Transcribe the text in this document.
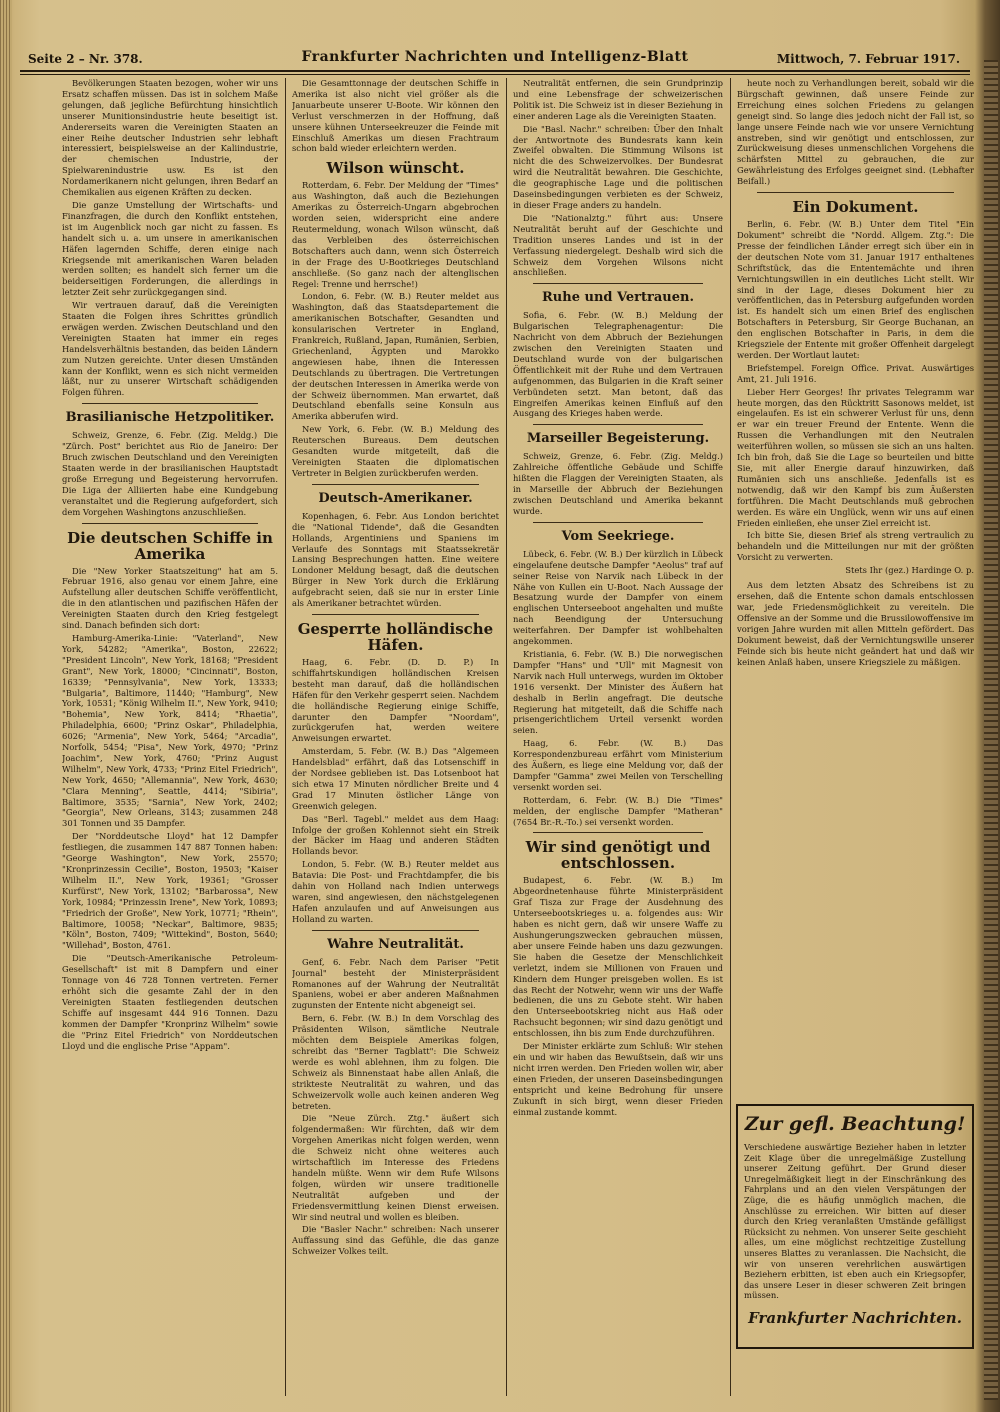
Seite 2 – Nr. 378.	Frankfurter Nachrichten und Intelligenz-Blatt	Mittwoch, 7. Februar 1917.

Bevölkerungen Staaten bezogen, woher wir uns Ersatz schaffen müssen. Das ist in solchem Maße gelungen, daß jegliche Befürchtung hinsichtlich unserer Munitionsindustrie heute beseitigt ist. Andererseits waren die Vereinigten Staaten an einer Reihe deutscher Industrien sehr lebhaft interessiert, beispielsweise an der Kaliindustrie, der chemischen Industrie, der Spielwarenindustrie usw. Es ist den Nordamerikanern nicht gelungen, ihren Bedarf an Chemikalien aus eigenen Kräften zu decken.

Die ganze Umstellung der Wirtschafts- und Finanzfragen, die durch den Konflikt entstehen, ist im Augenblick noch gar nicht zu fassen. Es handelt sich u. a. um unsere in amerikanischen Häfen lagernden Schiffe, deren einige nach Kriegsende mit amerikanischen Waren beladen werden sollten; es handelt sich ferner um die beiderseitigen Forderungen, die allerdings in letzter Zeit sehr zurückgegangen sind.

Wir vertrauen darauf, daß die Vereinigten Staaten die Folgen ihres Schrittes gründlich erwägen werden. Zwischen Deutschland und den Vereinigten Staaten hat immer ein reges Handelsverhältnis bestanden, das beiden Ländern zum Nutzen gereichte. Unter diesen Umständen kann der Konflikt, wenn es sich nicht vermeiden läßt, nur zu unserer Wirtschaft schädigenden Folgen führen.

Brasilianische Hetzpolitiker.

Schweiz, Grenze, 6. Febr. (Zig. Meldg.) Die "Zürch. Post" berichtet aus Rio de Janeiro: Der Bruch zwischen Deutschland und den Vereinigten Staaten werde in der brasilianischen Hauptstadt große Erregung und Begeisterung hervorrufen. Die Liga der Alliierten habe eine Kundgebung veranstaltet und die Regierung aufgefordert, sich dem Vorgehen Washingtons anzuschließen.

Die deutschen Schiffe in Amerika

Die "New Yorker Staatszeitung" hat am 5. Februar 1916, also genau vor einem Jahre, eine Aufstellung aller deutschen Schiffe veröffentlicht, die in den atlantischen und pazifischen Häfen der Vereinigten Staaten durch den Krieg festgelegt sind. Danach befinden sich dort:

Hamburg-Amerika-Linie: "Vaterland", New York, 54282; "Amerika", Boston, 22622; "President Lincoln", New York, 18168; "President Grant", New York, 18000; "Cincinnati", Boston, 16339; "Pennsylvania", New York, 13333; "Bulgaria", Baltimore, 11440; "Hamburg", New York, 10531; "König Wilhelm II.", New York, 9410; "Bohemia", New York, 8414; "Rhaetia", Philadelphia, 6600; "Prinz Oskar", Philadelphia, 6026; "Armenia", New York, 5464; "Arcadia", Norfolk, 5454; "Pisa", New York, 4970; "Prinz Joachim", New York, 4760; "Prinz August Wilhelm", New York, 4733; "Prinz Eitel Friedrich", New York, 4650; "Allemannia", New York, 4630; "Clara Menning", Seattle, 4414; "Sibiria", Baltimore, 3535; "Sarnia", New York, 2402; "Georgia", New Orleans, 3143; zusammen 248 301 Tonnen und 35 Dampfer.

Der "Norddeutsche Lloyd" hat 12 Dampfer festliegen, die zusammen 147 887 Tonnen haben: "George Washington", New York, 25570; "Kronprinzessin Cecilie", Boston, 19503; "Kaiser Wilhelm II.", New York, 19361; "Grosser Kurfürst", New York, 13102; "Barbarossa", New York, 10984; "Prinzessin Irene", New York, 10893; "Friedrich der Große", New York, 10771; "Rhein", Baltimore, 10058; "Neckar", Baltimore, 9835; "Köln", Boston, 7409; "Wittekind", Boston, 5640; "Willehad", Boston, 4761.

Die "Deutsch-Amerikanische Petroleum-Gesellschaft" ist mit 8 Dampfern und einer Tonnage von 46 728 Tonnen vertreten. Ferner erhöht sich die gesamte Zahl der in den Vereinigten Staaten festliegenden deutschen Schiffe auf insgesamt 444 916 Tonnen. Dazu kommen der Dampfer "Kronprinz Wilhelm" sowie die "Prinz Eitel Friedrich" von Norddeutschen Lloyd und die englische Prise "Appam".

Die Gesamttonnage der deutschen Schiffe in Amerika ist also nicht viel größer als die Januarbeute unserer U-Boote. Wir können den Verlust verschmerzen in der Hoffnung, daß unsere kühnen Unterseekreuzer die Feinde mit Einschluß Amerikas um diesen Frachtraum schon bald wieder erleichtern werden.

Wilson wünscht.

Rotterdam, 6. Febr. Der Meldung der "Times" aus Washington, daß auch die Beziehungen Amerikas zu Österreich-Ungarn abgebrochen worden seien, widerspricht eine andere Reutermeldung, wonach Wilson wünscht, daß das Verbleiben des österreichischen Botschafters auch dann, wenn sich Österreich in der Frage des U-Bootkrieges Deutschland anschließe. (So ganz nach der altenglischen Regel: Trenne und herrsche!)

London, 6. Febr. (W. B.) Reuter meldet aus Washington, daß das Staatsdepartement die amerikanischen Botschafter, Gesandten und konsularischen Vertreter in England, Frankreich, Rußland, Japan, Rumänien, Serbien, Griechenland, Ägypten und Marokko angewiesen habe, ihnen die Interessen Deutschlands zu übertragen. Die Vertretungen der deutschen Interessen in Amerika werde von der Schweiz übernommen. Man erwartet, daß Deutschland ebenfalls seine Konsuln aus Amerika abberufen wird.

New York, 6. Febr. (W. B.) Meldung des Reuterschen Bureaus. Dem deutschen Gesandten wurde mitgeteilt, daß die Vereinigten Staaten die diplomatischen Vertreter in Belgien zurückberufen werden.

Deutsch-Amerikaner.

Kopenhagen, 6. Febr. Aus London berichtet die "National Tidende", daß die Gesandten Hollands, Argentiniens und Spaniens im Verlaufe des Sonntags mit Staatssekretär Lansing Besprechungen hatten. Eine weitere Londoner Meldung besagt, daß die deutschen Bürger in New York durch die Erklärung aufgebracht seien, daß sie nur in erster Linie als Amerikaner betrachtet würden.

Gesperrte holländische Häfen.

Haag, 6. Febr. (D. D. P.) In schiffahrtskundigen holländischen Kreisen besteht man darauf, daß die holländischen Häfen für den Verkehr gesperrt seien. Nachdem die holländische Regierung einige Schiffe, darunter den Dampfer "Noordam", zurückgerufen hat, werden weitere Anweisungen erwartet.

Amsterdam, 5. Febr. (W. B.) Das "Algemeen Handelsblad" erfährt, daß das Lotsenschiff in der Nordsee geblieben ist. Das Lotsenboot hat sich etwa 17 Minuten nördlicher Breite und 4 Grad 17 Minuten östlicher Länge von Greenwich gelegen.

Das "Berl. Tagebl." meldet aus dem Haag: Infolge der großen Kohlennot sieht ein Streik der Bäcker im Haag und anderen Städten Hollands bevor.

London, 5. Febr. (W. B.) Reuter meldet aus Batavia: Die Post- und Frachtdampfer, die bis dahin von Holland nach Indien unterwegs waren, sind angewiesen, den nächstgelegenen Hafen anzulaufen und auf Anweisungen aus Holland zu warten.

Wahre Neutralität.

Genf, 6. Febr. Nach dem Pariser "Petit Journal" besteht der Ministerpräsident Romanones auf der Wahrung der Neutralität Spaniens, wobei er aber anderen Maßnahmen zugunsten der Entente nicht abgeneigt sei.

Bern, 6. Febr. (W. B.) In dem Vorschlag des Präsidenten Wilson, sämtliche Neutrale möchten dem Beispiele Amerikas folgen, schreibt das "Berner Tagblatt": Die Schweiz werde es wohl ablehnen, ihm zu folgen. Die Schweiz als Binnenstaat habe allen Anlaß, die strikteste Neutralität zu wahren, und das Schweizervolk wolle auch keinen anderen Weg betreten.

Die "Neue Zürch. Ztg." äußert sich folgendermaßen: Wir fürchten, daß wir dem Vorgehen Amerikas nicht folgen werden, wenn die Schweiz nicht ohne weiteres auch wirtschaftlich im Interesse des Friedens handeln müßte. Wenn wir dem Rufe Wilsons folgen, würden wir unsere traditionelle Neutralität aufgeben und der Friedensvermittlung keinen Dienst erweisen. Wir sind neutral und wollen es bleiben.

Die "Basler Nachr." schreiben: Nach unserer Auffassung sind das Gefühle, die das ganze Schweizer Volkes teilt.

Neutralität entfernen, die sein Grundprinzip und eine Lebensfrage der schweizerischen Politik ist. Die Schweiz ist in dieser Beziehung in einer anderen Lage als die Vereinigten Staaten.

Die "Basl. Nachr." schreiben: Über den Inhalt der Antwortnote des Bundesrats kann kein Zweifel obwalten. Die Stimmung Wilsons ist nicht die des Schweizervolkes. Der Bundesrat wird die Neutralität bewahren. Die Geschichte, die geographische Lage und die politischen Daseinsbedingungen verbieten es der Schweiz, in dieser Frage anders zu handeln.

Die "Nationalztg." führt aus: Unsere Neutralität beruht auf der Geschichte und Tradition unseres Landes und ist in der Verfassung niedergelegt. Deshalb wird sich die Schweiz dem Vorgehen Wilsons nicht anschließen.

Ruhe und Vertrauen.

Sofia, 6. Febr. (W. B.) Meldung der Bulgarischen Telegraphenagentur: Die Nachricht von dem Abbruch der Beziehungen zwischen den Vereinigten Staaten und Deutschland wurde von der bulgarischen Öffentlichkeit mit der Ruhe und dem Vertrauen aufgenommen, das Bulgarien in die Kraft seiner Verbündeten setzt. Man betont, daß das Eingreifen Amerikas keinen Einfluß auf den Ausgang des Krieges haben werde.

Marseiller Begeisterung.

Schweiz, Grenze, 6. Febr. (Zig. Meldg.) Zahlreiche öffentliche Gebäude und Schiffe hißten die Flaggen der Vereinigten Staaten, als in Marseille der Abbruch der Beziehungen zwischen Deutschland und Amerika bekannt wurde.

Vom Seekriege.

Lübeck, 6. Febr. (W. B.) Der kürzlich in Lübeck eingelaufene deutsche Dampfer "Aeolus" traf auf seiner Reise von Narvik nach Lübeck in der Nähe von Kullen ein U-Boot. Nach Aussage der Besatzung wurde der Dampfer von einem englischen Unterseeboot angehalten und mußte nach Beendigung der Untersuchung weiterfahren. Der Dampfer ist wohlbehalten angekommen.

Kristiania, 6. Febr. (W. B.) Die norwegischen Dampfer "Hans" und "Ull" mit Magnesit von Narvik nach Hull unterwegs, wurden im Oktober 1916 versenkt. Der Minister des Äußern hat deshalb in Berlin angefragt. Die deutsche Regierung hat mitgeteilt, daß die Schiffe nach prisengerichtlichem Urteil versenkt worden seien.

Haag, 6. Febr. (W. B.) Das Korrespondenzbureau erfährt vom Ministerium des Äußern, es liege eine Meldung vor, daß der Dampfer "Gamma" zwei Meilen von Terschelling versenkt worden sei.

Rotterdam, 6. Febr. (W. B.) Die "Times" melden, der englische Dampfer "Matheran" (7654 Br.-R.-To.) sei versenkt worden.

Wir sind genötigt und entschlossen.

Budapest, 6. Febr. (W. B.) Im Abgeordnetenhause führte Ministerpräsident Graf Tisza zur Frage der Ausdehnung des Unterseebootskrieges u. a. folgendes aus: Wir haben es nicht gern, daß wir unsere Waffe zu Aushungerungszwecken gebrauchen müssen, aber unsere Feinde haben uns dazu gezwungen. Sie haben die Gesetze der Menschlichkeit verletzt, indem sie Millionen von Frauen und Kindern dem Hunger preisgeben wollen. Es ist das Recht der Notwehr, wenn wir uns der Waffe bedienen, die uns zu Gebote steht. Wir haben den Unterseebootskrieg nicht aus Haß oder Rachsucht begonnen; wir sind dazu genötigt und entschlossen, ihn bis zum Ende durchzuführen.

Der Minister erklärte zum Schluß: Wir stehen ein und wir haben das Bewußtsein, daß wir uns nicht irren werden. Den Frieden wollen wir, aber einen Frieden, der unseren Daseinsbedingungen entspricht und keine Bedrohung für unsere Zukunft in sich birgt, wenn dieser Frieden einmal zustande kommt.

heute noch zu Verhandlungen bereit, sobald wir die Bürgschaft gewinnen, daß unsere Feinde zur Erreichung eines solchen Friedens zu gelangen geneigt sind. So lange dies jedoch nicht der Fall ist, so lange unsere Feinde nach wie vor unsere Vernichtung anstreben, sind wir genötigt und entschlossen, zur Zurückweisung dieses unmenschlichen Vorgehens die schärfsten Mittel zu gebrauchen, die zur Gewährleistung des Erfolges geeignet sind. (Lebhafter Beifall.)

Ein Dokument.

Berlin, 6. Febr. (W. B.) Unter dem Titel "Ein Dokument" schreibt die "Nordd. Allgem. Ztg.": Die Presse der feindlichen Länder erregt sich über ein in der deutschen Note vom 31. Januar 1917 enthaltenes Schriftstück, das die Ententemächte und ihren Vernichtungswillen in ein deutliches Licht stellt. Wir sind in der Lage, dieses Dokument hier zu veröffentlichen, das in Petersburg aufgefunden worden ist. Es handelt sich um einen Brief des englischen Botschafters in Petersburg, Sir George Buchanan, an den englischen Botschafter in Paris, in dem die Kriegsziele der Entente mit großer Offenheit dargelegt werden. Der Wortlaut lautet:

Briefstempel. Foreign Office. Privat. Auswärtiges Amt, 21. Juli 1916.

Lieber Herr Georges! Ihr privates Telegramm war heute morgen, das den Rücktritt Sasonows meldet, ist eingelaufen. Es ist ein schwerer Verlust für uns, denn er war ein treuer Freund der Entente. Wenn die Russen die Verhandlungen mit den Neutralen weiterführen wollen, so müssen sie sich an uns halten. Ich bin froh, daß Sie die Lage so beurteilen und bitte Sie, mit aller Energie darauf hinzuwirken, daß Rumänien sich uns anschließe. Jedenfalls ist es notwendig, daß wir den Kampf bis zum Äußersten fortführen. Die Macht Deutschlands muß gebrochen werden. Es wäre ein Unglück, wenn wir uns auf einen Frieden einließen, ehe unser Ziel erreicht ist.

Ich bitte Sie, diesen Brief als streng vertraulich zu behandeln und die Mitteilungen nur mit der größten Vorsicht zu verwerten.

Stets Ihr (gez.) Hardinge O. p.

Aus dem letzten Absatz des Schreibens ist zu ersehen, daß die Entente schon damals entschlossen war, jede Friedensmöglichkeit zu vereiteln. Die Offensive an der Somme und die Brussilowoffensive im vorigen Jahre wurden mit allen Mitteln gefördert. Das Dokument beweist, daß der Vernichtungswille unserer Feinde sich bis heute nicht geändert hat und daß wir keinen Anlaß haben, unsere Kriegsziele zu mäßigen.

Zur gefl. Beachtung!

Verschiedene auswärtige Bezieher haben in letzter Zeit Klage über die unregelmäßige Zustellung unserer Zeitung geführt. Der Grund dieser Unregelmäßigkeit liegt in der Einschränkung des Fahrplans und an den vielen Verspätungen der Züge, die es häufig unmöglich machen, die Anschlüsse zu erreichen. Wir bitten auf dieser durch den Krieg veranlaßten Umstände gefälligst Rücksicht zu nehmen. Von unserer Seite geschieht alles, um eine möglichst rechtzeitige Zustellung unseres Blattes zu veranlassen. Die Nachsicht, die wir von unseren verehrlichen auswärtigen Beziehern erbitten, ist eben auch ein Kriegsopfer, das unsere Leser in dieser schweren Zeit bringen müssen.

Frankfurter Nachrichten.
